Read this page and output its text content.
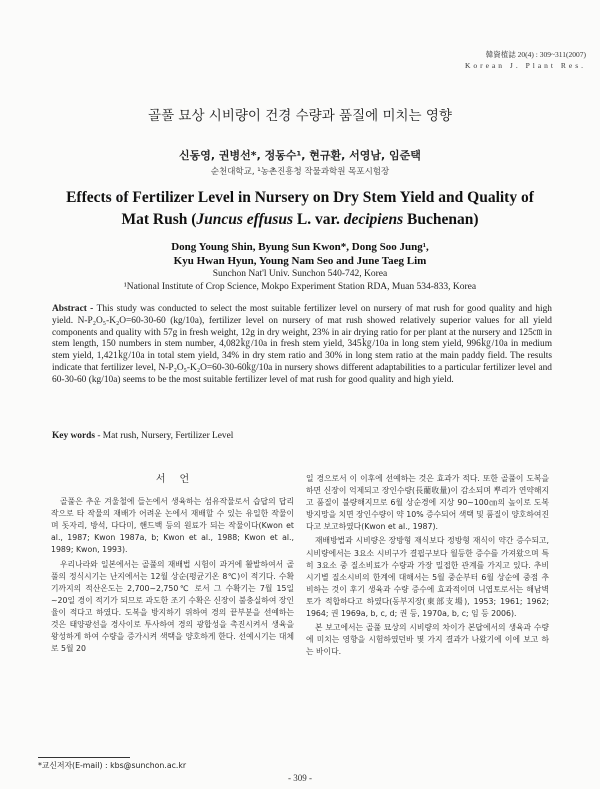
韓資植誌 20(4) : 309~311(2007)
Korean J. Plant Res.
골풀 묘상 시비량이 건경 수량과 품질에 미치는 영향
신동영, 권병선*, 정동수¹, 현규환, 서영남, 임준택
순천대학교, ¹농촌진흥청 작물과학원 목포시험장
Effects of Fertilizer Level in Nursery on Dry Stem Yield and Quality of
Mat Rush (Juncus effusus L. var. decipiens Buchenan)
Dong Young Shin, Byung Sun Kwon*, Dong Soo Jung¹,
Kyu Hwan Hyun, Young Nam Seo and June Taeg Lim
Sunchon Nat'l Univ. Sunchon 540-742, Korea
¹National Institute of Crop Science, Mokpo Experiment Station RDA, Muan 534-833, Korea
Abstract - This study was conducted to select the most suitable fertilizer level on nursery of mat rush for good quality and high yield. N-P₂O₅-K₂O=60-30-60 (kg/10a), fertilizer level on nursery of mat rush showed relatively superior values for all yield components and quality with 57g in fresh weight, 12g in dry weight, 23% in air drying ratio for per plant at the nursery and 125㎝ in stem length, 150 numbers in stem number, 4,082㎏/10a in fresh stem yield, 345㎏/10a in long stem yield, 996㎏/10a in medium stem yield, 1,421㎏/10a in total stem yield, 34% in dry stem ratio and 30% in long stem ratio at the main paddy field. The results indicate that fertilizer level, N-P₂O₅-K₂O=60-30-60㎏/10a in nursery shows different adaptabilities to a particular fertilizer level and 60-30-60 (kg/10a) seems to be the most suitable fertilizer level of mat rush for good quality and high yield.
Key words - Mat rush, Nursery, Fertilizer Level
서언

골풀은 추운 겨울철에 들논에서 생육하는 섬유작물로서 습답의 답리작으로 타 작물의 재배가 어려운 논에서 재배할 수 있는 유일한 작물이며 돗자리, 방석, 다다미, 핸드백 등의 원료가 되는 작물이다(Kwon et al., 1987; Kwon 1987a, b; Kwon et al., 1988; Kwon et al., 1989; Kwon, 1993).

우리나라와 일본에서는 골풀의 재배법 시험이 과거에 활발하여서 골풀의 정식시기는 난지에서는 12월 상순(평균기온 8℃)이 적기다. 수확기까지의 적산온도는 2,700~2,750℃ 로서 그 수확기는 7월 15일~20일 경이 적기가 되므로 과도한 조기 수확은 신장이 불충실하여 장인율이 적다고 하였다. 도복을 방지하기 위하여 경의 끝부분을 선예하는 것은 태양광선을 경사이로 투사하여 경의 광합성을 촉진시켜서 생육을 왕성하게 하여 수량을 증가시켜 색택을 양호하게 한다. 선예시기는 대체로 5월 20

일 경으로서 이 이후에 선예하는 것은 효과가 적다. 또한 골풀이 도복을 하면 신장이 억제되고 장인수량(長藺收量)이 감소되며 뿌리가 연약해지고 품질이 불량해지므로 6월 상순경에 지상 90~100㎝의 높이로 도복방지망을 치면 장인수량이 약 10% 증수되어 색택 및 품질이 양호하여진다고 보고하였다(Kwon et al., 1987).

재배방법과 시비량은 장방형 재식보다 정방형 재식이 약간 증수되고, 시비량에서는 3요소 시비구가 결핍구보다 월등한 증수를 가져왔으며 특히 3요소 중 질소비료가 수량과 가장 밀접한 관계를 가지고 있다. 추비시기별 질소시비의 한계에 대해서는 5월 중순부터 6월 상순에 중점 추비하는 것이 후기 생육과 수량 증수에 효과적이며 니엽토로서는 해남벽토가 적합하다고 하였다(동부지장(東部支場), 1953; 1961; 1962; 1964; 권 1969a, b, c, d; 권 등, 1970a, b, c; 임 등 2006).

본 보고에서는 골풀 묘상의 시비량의 차이가 본답에서의 생육과 수량에 미치는 영향을 시험하였던바 몇 가지 결과가 나왔기에 이에 보고 하는 바이다.

*교신저자(E-mail) : kbs@sunchon.ac.kr
- 309 -
